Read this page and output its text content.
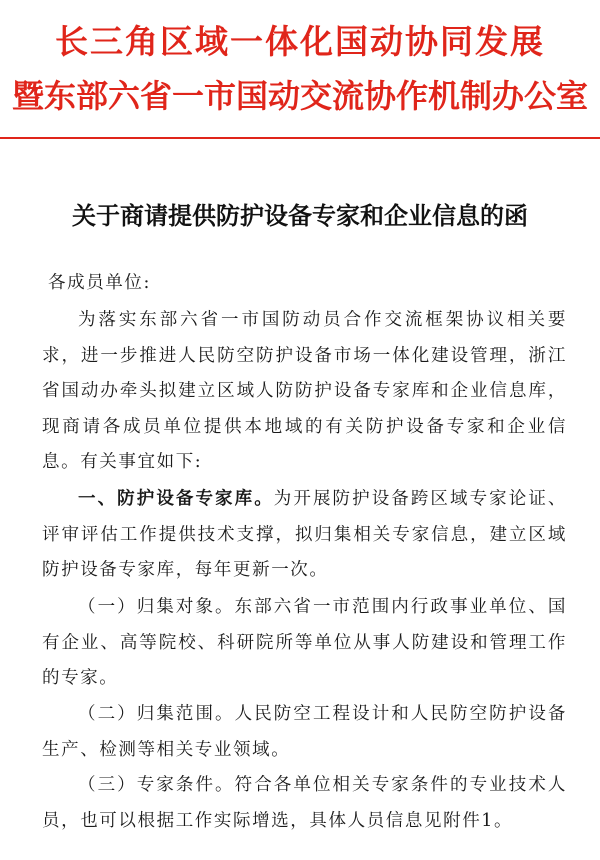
长三角区域一体化国动协同发展
暨东部六省一市国动交流协作机制办公室
关于商请提供防护设备专家和企业信息的函
各成员单位:
为落实东部六省一市国防动员合作交流框架协议相关要求，进一步推进人民防空防护设备市场一体化建设管理，浙江省国动办牵头拟建立区域人防防护设备专家库和企业信息库，现商请各成员单位提供本地域的有关防护设备专家和企业信息。有关事宜如下:
一、防护设备专家库。为开展防护设备跨区域专家论证、评审评估工作提供技术支撑，拟归集相关专家信息，建立区域防护设备专家库，每年更新一次。
（一）归集对象。东部六省一市范围内行政事业单位、国有企业、高等院校、科研院所等单位从事人防建设和管理工作的专家。
（二）归集范围。人民防空工程设计和人民防空防护设备生产、检测等相关专业领域。
（三）专家条件。符合各单位相关专家条件的专业技术人员，也可以根据工作实际增选，具体人员信息见附件1。
